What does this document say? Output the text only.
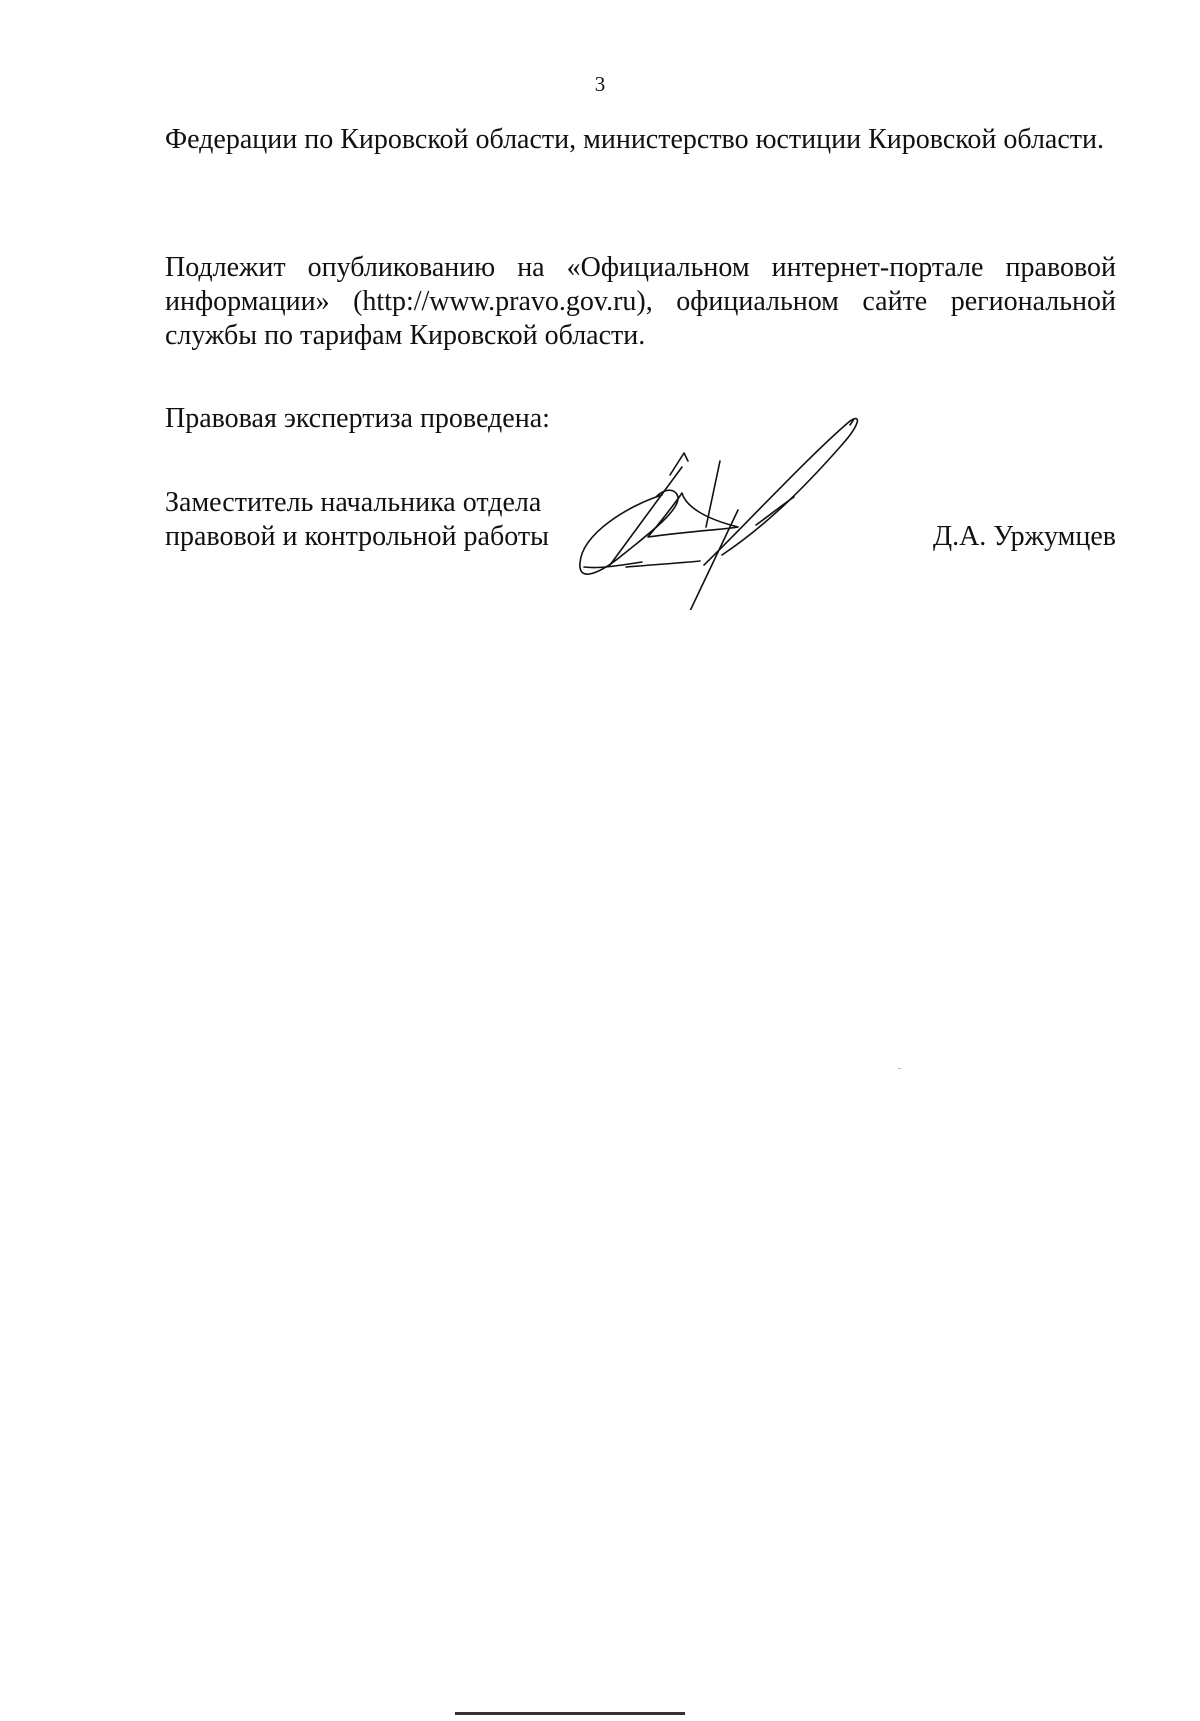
3
Федерации по Кировской области, министерство юстиции Кировской области.
Подлежит опубликованию на «Официальном интернет-портале правовой информации» (http://www.pravo.gov.ru), официальном сайте региональной службы по тарифам Кировской области.
Правовая экспертиза проведена:
Заместитель начальника отдела
правовой и контрольной работы	Д.А. Уржумцев
